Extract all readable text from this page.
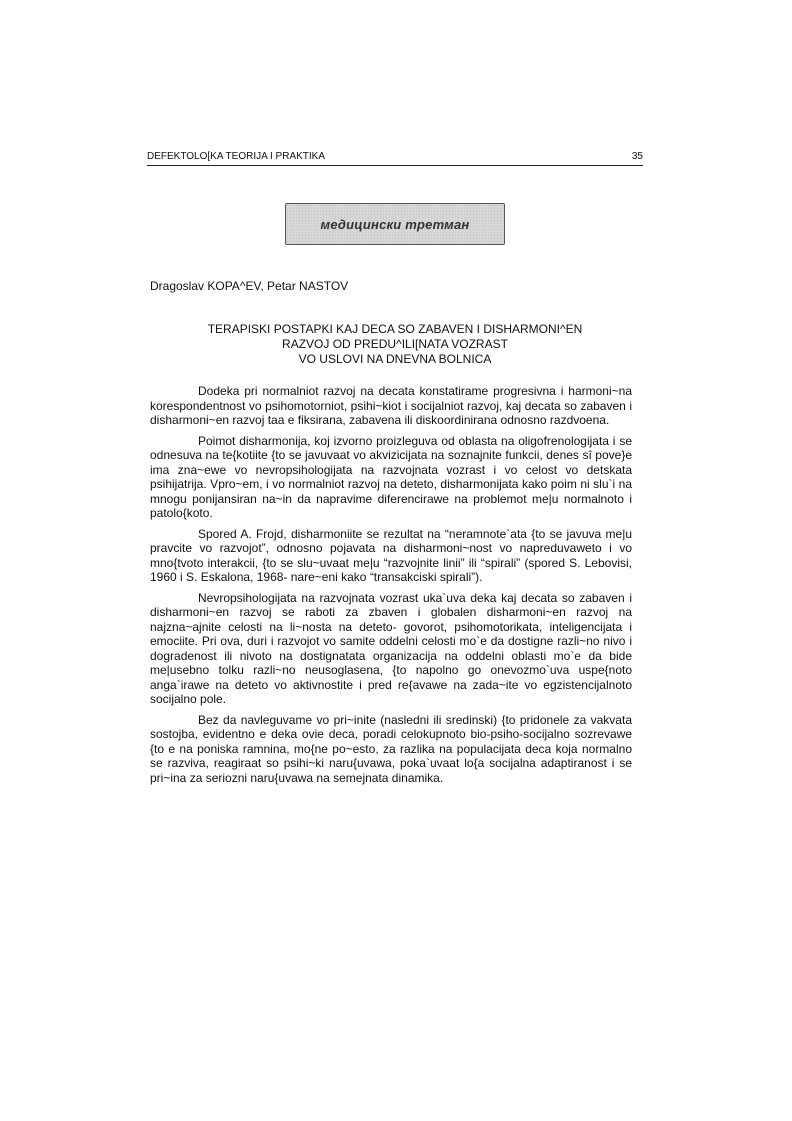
DEFEKTOLO[KA TEORIJA I PRAKTIKA	35
медицински третман
Dragoslav KOPA^EV, Petar NASTOV
TERAPISKI POSTAPKI KAJ DECA SO ZABAVEN I DISHARMONI^EN
RAZVOJ OD PREDU^ILI[NATA VOZRAST
VO USLOVI NA DNEVNA BOLNICA

Dodeka pri normalniot razvoj na decata konstatirame progresivna i harmoni~na korespondentnost vo psihomotorniot, psihi~kiot i socijalniot razvoj, kaj decata so zabaven i disharmoni~en razvoj taa e fiksirana, zabavena ili diskoordinirana odnosno razdvoena.

Poimot disharmonija, koj izvorno proizleguva od oblasta na oligofrenologijata i se odnesuva na te{kotiite {to se javuvaat vo akvizicijata na soznajnite funkcii, denes sî pove}e ima zna~ewe vo nevropsihologijata na razvojnata vozrast i vo celost vo detskata psihijatrija. Vpro~em, i vo normalniot razvoj na deteto, disharmonijata kako poim ni slu`i na mnogu ponijansiran na~in da napravime diferencirawe na problemot me|u normalnoto i patolo{koto.

Spored A. Frojd, disharmoniite se rezultat na “neramnote`ata {to se javuva me|u pravcite vo razvojot”, odnosno pojavata na disharmoni~nost vo napreduvaweto i vo mno{tvoto interakcii, {to se slu~uvaat me|u “razvojnite linii” ili “spirali” (spored S. Lebovisi, 1960 i S. Eskalona, 1968- nare~eni kako “transakciski spirali”).

Nevropsihologijata na razvojnata vozrast uka`uva deka kaj decata so zabaven i disharmoni~en razvoj se raboti za zbaven i globalen disharmoni~en razvoj na najzna~ajnite celosti na li~nosta na deteto- govorot, psihomotorikata, inteligencijata i emociite. Pri ova, duri i razvojot vo samite oddelni celosti mo`e da dostigne razli~no nivo i dogradenost ili nivoto na dostignatata organizacija na oddelni oblasti mo`e da bide me|usebno tolku razli~no neusoglasena, {to napolno go onevozmo`uva uspe{noto anga`irawe na deteto vo aktivnostite i pred re{avawe na zada~ite vo egzistencijalnoto socijalno pole.

Bez da navleguvame vo pri~inite (nasledni ili sredinski) {to pridonele za vakvata sostojba, evidentno e deka ovie deca, poradi celokupnoto bio-psiho-socijalno sozrevawe {to e na poniska ramnina, mo{ne po~esto, za razlika na populacijata deca koja normalno se razviva, reagiraat so psihi~ki naru{uvawa, poka`uvaat lo{a socijalna adaptiranost i se pri~ina za seriozni naru{uvawa na semejnata dinamika.
